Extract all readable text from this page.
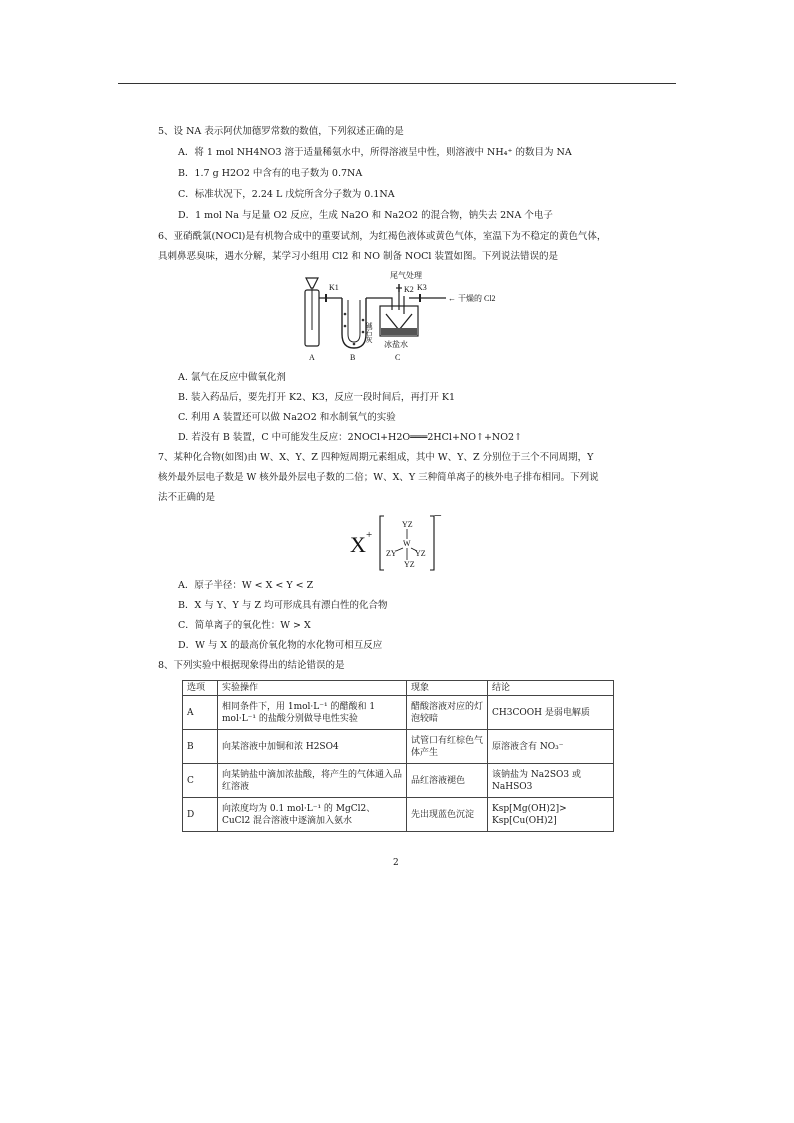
5、设 NA 表示阿伏加德罗常数的数值，下列叙述正确的是
A．将 1 mol NH4NO3 溶于适量稀氨水中，所得溶液呈中性，则溶液中 NH₄⁺ 的数目为 NA
B．1.7 g H2O2 中含有的电子数为 0.7NA
C．标准状况下，2.24 L 戊烷所含分子数为 0.1NA
D．1 mol Na 与足量 O2 反应，生成 Na2O 和 Na2O2 的混合物，钠失去 2NA 个电子
6、亚硝酰氯(NOCl)是有机物合成中的重要试剂，为红褐色液体或黄色气体，室温下为不稳定的黄色气体，
具刺鼻恶臭味，遇水分解，某学习小组用 Cl2 和 NO 制备 NOCl 装置如图。下列说法错误的是
K1
尾气处理
K2 K3
← 干燥的 Cl2
碱石灰
冰盐水
A	B	C
A. 氯气在反应中做氧化剂
B. 装入药品后，要先打开 K2、K3，反应一段时间后，再打开 K1
C. 利用 A 装置还可以做 Na2O2 和水制氧气的实验
D. 若没有 B 装置，C 中可能发生反应：2NOCl+H2O═══2HCl+NO↑+NO2↑
7、某种化合物(如图)由 W、X、Y、Z 四种短周期元素组成，其中 W、Y、Z 分别位于三个不同周期，Y
核外最外层电子数是 W 核外最外层电子数的二倍；W、X、Y 三种简单离子的核外电子排布相同。下列说
法不正确的是
X +
YZ
W
ZY YZ
YZ
−
A．原子半径：W < X < Y < Z
B．X 与 Y、Y 与 Z 均可形成具有漂白性的化合物
C．简单离子的氧化性：W > X
D．W 与 X 的最高价氧化物的水化物可相互反应
8、下列实验中根据现象得出的结论错误的是
选项	实验操作	现象	结论
A	相同条件下，用 1mol·L⁻¹ 的醋酸和 1 mol·L⁻¹ 的盐酸分别做导电性实验	醋酸溶液对应的灯泡较暗	CH3COOH 是弱电解质
B	向某溶液中加铜和浓 H2SO4	试管口有红棕色气体产生	原溶液含有 NO₃⁻
C	向某钠盐中滴加浓盐酸，将产生的气体通入品红溶液	品红溶液褪色	该钠盐为 Na2SO3 或 NaHSO3
D	向浓度均为 0.1 mol·L⁻¹ 的 MgCl2、CuCl2 混合溶液中逐滴加入氨水	先出现蓝色沉淀	Ksp[Mg(OH)2]> Ksp[Cu(OH)2]
2
